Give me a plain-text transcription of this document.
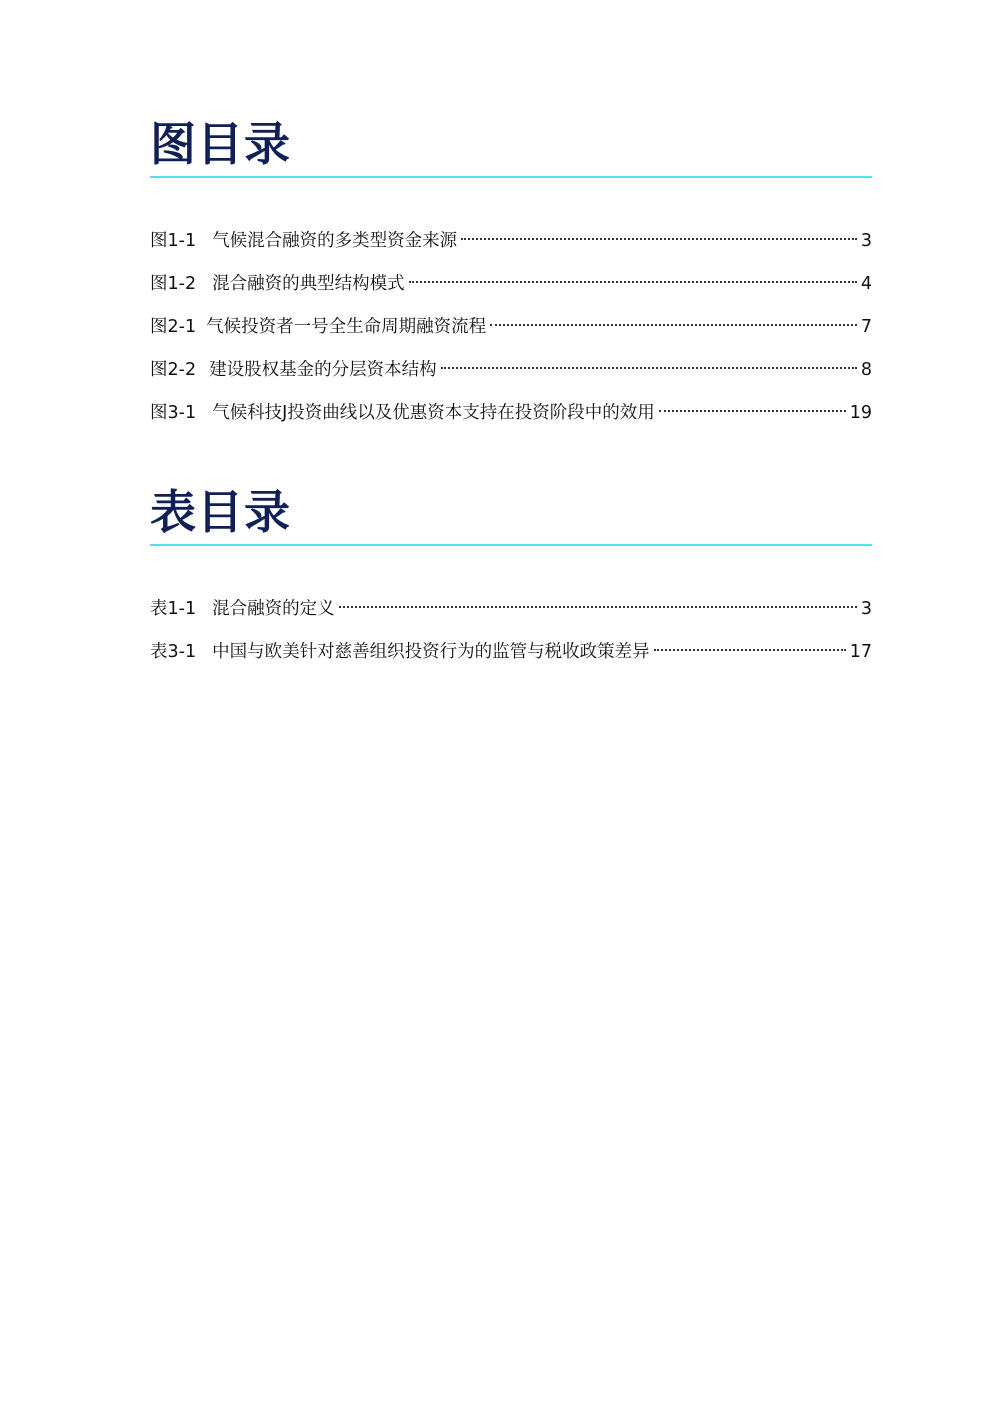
图目录
图1-1 气候混合融资的多类型资金来源	3
图1-2 混合融资的典型结构模式	4
图2-1 气候投资者一号全生命周期融资流程	7
图2-2 建设股权基金的分层资本结构	8
图3-1 气候科技J投资曲线以及优惠资本支持在投资阶段中的效用	19
表目录
表1-1 混合融资的定义	3
表3-1 中国与欧美针对慈善组织投资行为的监管与税收政策差异	17
